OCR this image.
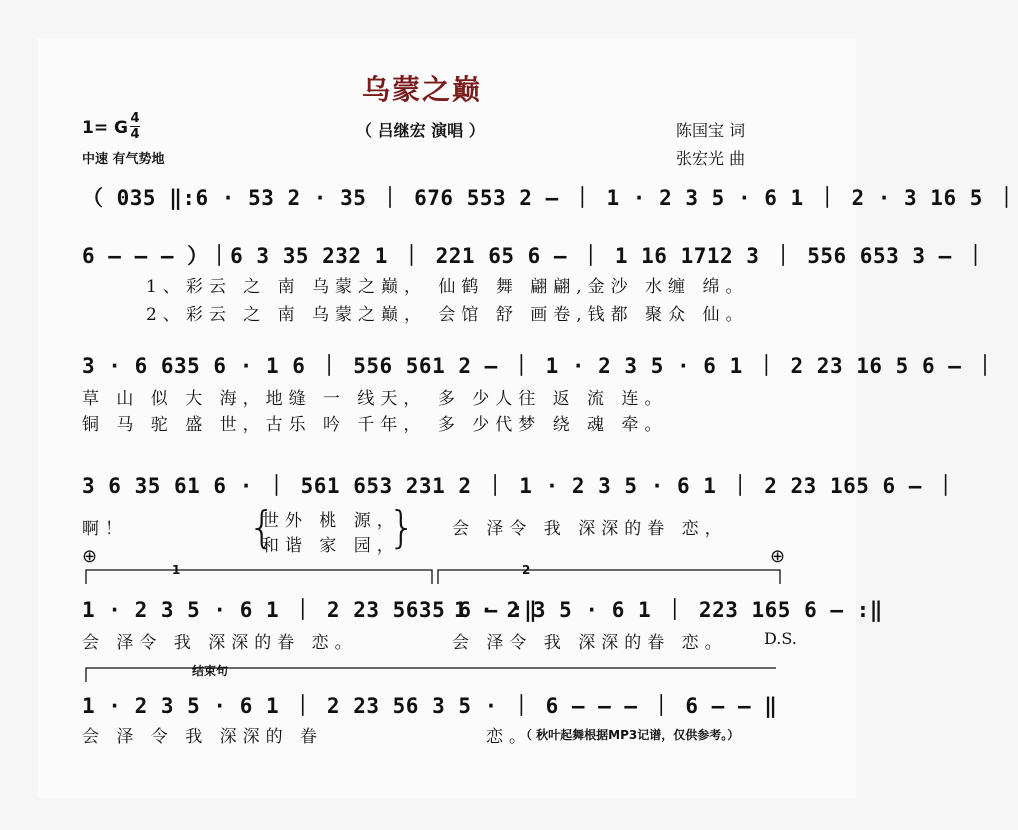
乌蒙之巅
（ 吕继宏 演唱 ）
1= G 4
4
中速 有气势地
陈国宝 词
张宏光 曲
（ 035 ‖:6 · 53 2 · 35 ｜ 676 553 2 – ｜ 1 · 2 3 5 · 6 1 ｜ 2 · 3 16 5 ｜
6 – – – ）｜6 3 35 232 1 ｜ 221 65 6 – ｜ 1 16 1712 3 ｜ 556 653 3 – ｜
1、彩云 之 南 乌蒙之巅， 仙鹤 舞 翩翩,金沙 水缠 绵。
2、彩云 之 南 乌蒙之巅， 会馆 舒 画卷,钱都 聚众 仙。
3 · 6 635 6 · 1 6 ｜ 556 561 2 – ｜ 1 · 2 3 5 · 6 1 ｜ 2 23 16 5 6 – ｜
草 山 似 大 海，地缝 一 线天， 多 少人往 返 流 连。
铜 马 驼 盛 世，古乐 吟 千年， 多 少代梦 绕 魂 牵。
3 6 35 61 6 · ｜ 561 653 231 2 ｜ 1 · 2 3 5 · 6 1 ｜ 2 23 165 6 – ｜
啊！	{
世外 桃 源，
和谐 家 园，
} 会 泽令 我 深深的眷 恋，
⊕	⊕
1	2
1 · 2 3 5 · 6 1 ｜ 2 23 5635 6 – :‖
1 · 2 3 5 · 6 1 ｜ 223 165 6 – :‖
会 泽令 我 深深的眷 恋。	会 泽令 我 深深的眷 恋。 D.S.
结束句
1 · 2 3 5 · 6 1 ｜ 2 23 56 3 5 · ｜ 6 – – – ｜ 6 – – ‖
会 泽 令 我 深深的 眷	恋。
（ 秋叶起舞根据MP3记谱，仅供参考。）
